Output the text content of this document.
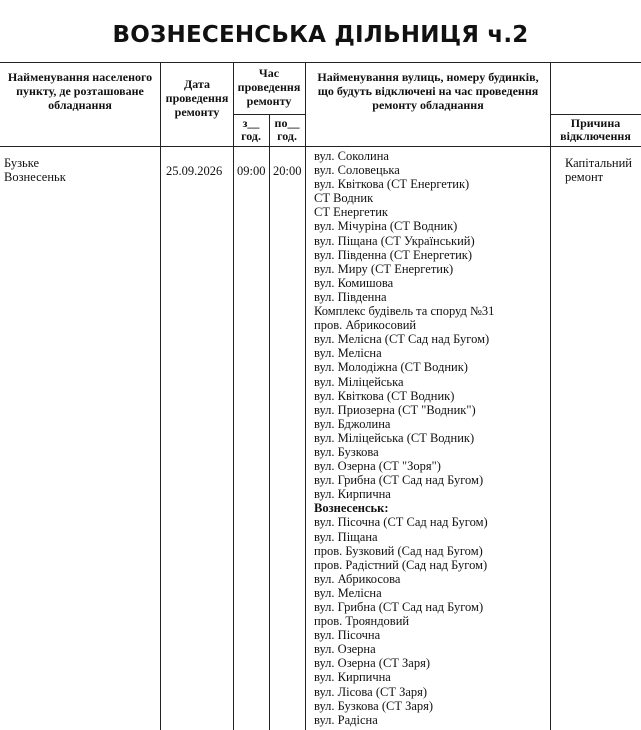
ВОЗНЕСЕНСЬКА ДІЛЬНИЦЯ ч.2
Найменування населеного пункту, де розташоване обладнання
Дата проведення ремонту
Час проведення ремонту
з__ год.
по__ год.
Найменування вулиць, номеру будинків, що будуть відключені на час проведення ремонту обладнання
Причина відключення
Бузьке
Вознесеньк	25.09.2026	09:00 20:00
Капітальний ремонт
вул. Соколина
вул. Соловецька
вул. Квіткова (СТ Енергетик)
СТ Водник
СТ Енергетик
вул. Мічуріна (СТ Водник)
вул. Піщана (СТ Український)
вул. Південна (СТ Енергетик)
вул. Миру (СТ Енергетик)
вул. Комишова
вул. Південна
Комплекс будівель та споруд №31
пров. Абрикосовий
вул. Мелісна (СТ Сад над Бугом)
вул. Мелісна
вул. Молодіжна (СТ Водник)
вул. Міліцейська
вул. Квіткова (СТ Водник)
вул. Приозерна (СТ "Водник")
вул. Бджолина
вул. Міліцейська (СТ Водник)
вул. Бузкова
вул. Озерна (СТ "Зоря")
вул. Грибна (СТ Сад над Бугом)
вул. Кирпична
Вознесенськ:
вул. Пісочна (СТ Сад над Бугом)
вул. Піщана
пров. Бузковий (Сад над Бугом)
пров. Радістний (Сад над Бугом)
вул. Абрикосова
вул. Мелісна
вул. Грибна (СТ Сад над Бугом)
пров. Трояндовий
вул. Пісочна
вул. Озерна
вул. Озерна (СТ Заря)
вул. Кирпична
вул. Лісова (СТ Заря)
вул. Бузкова (СТ Заря)
вул. Радісна
